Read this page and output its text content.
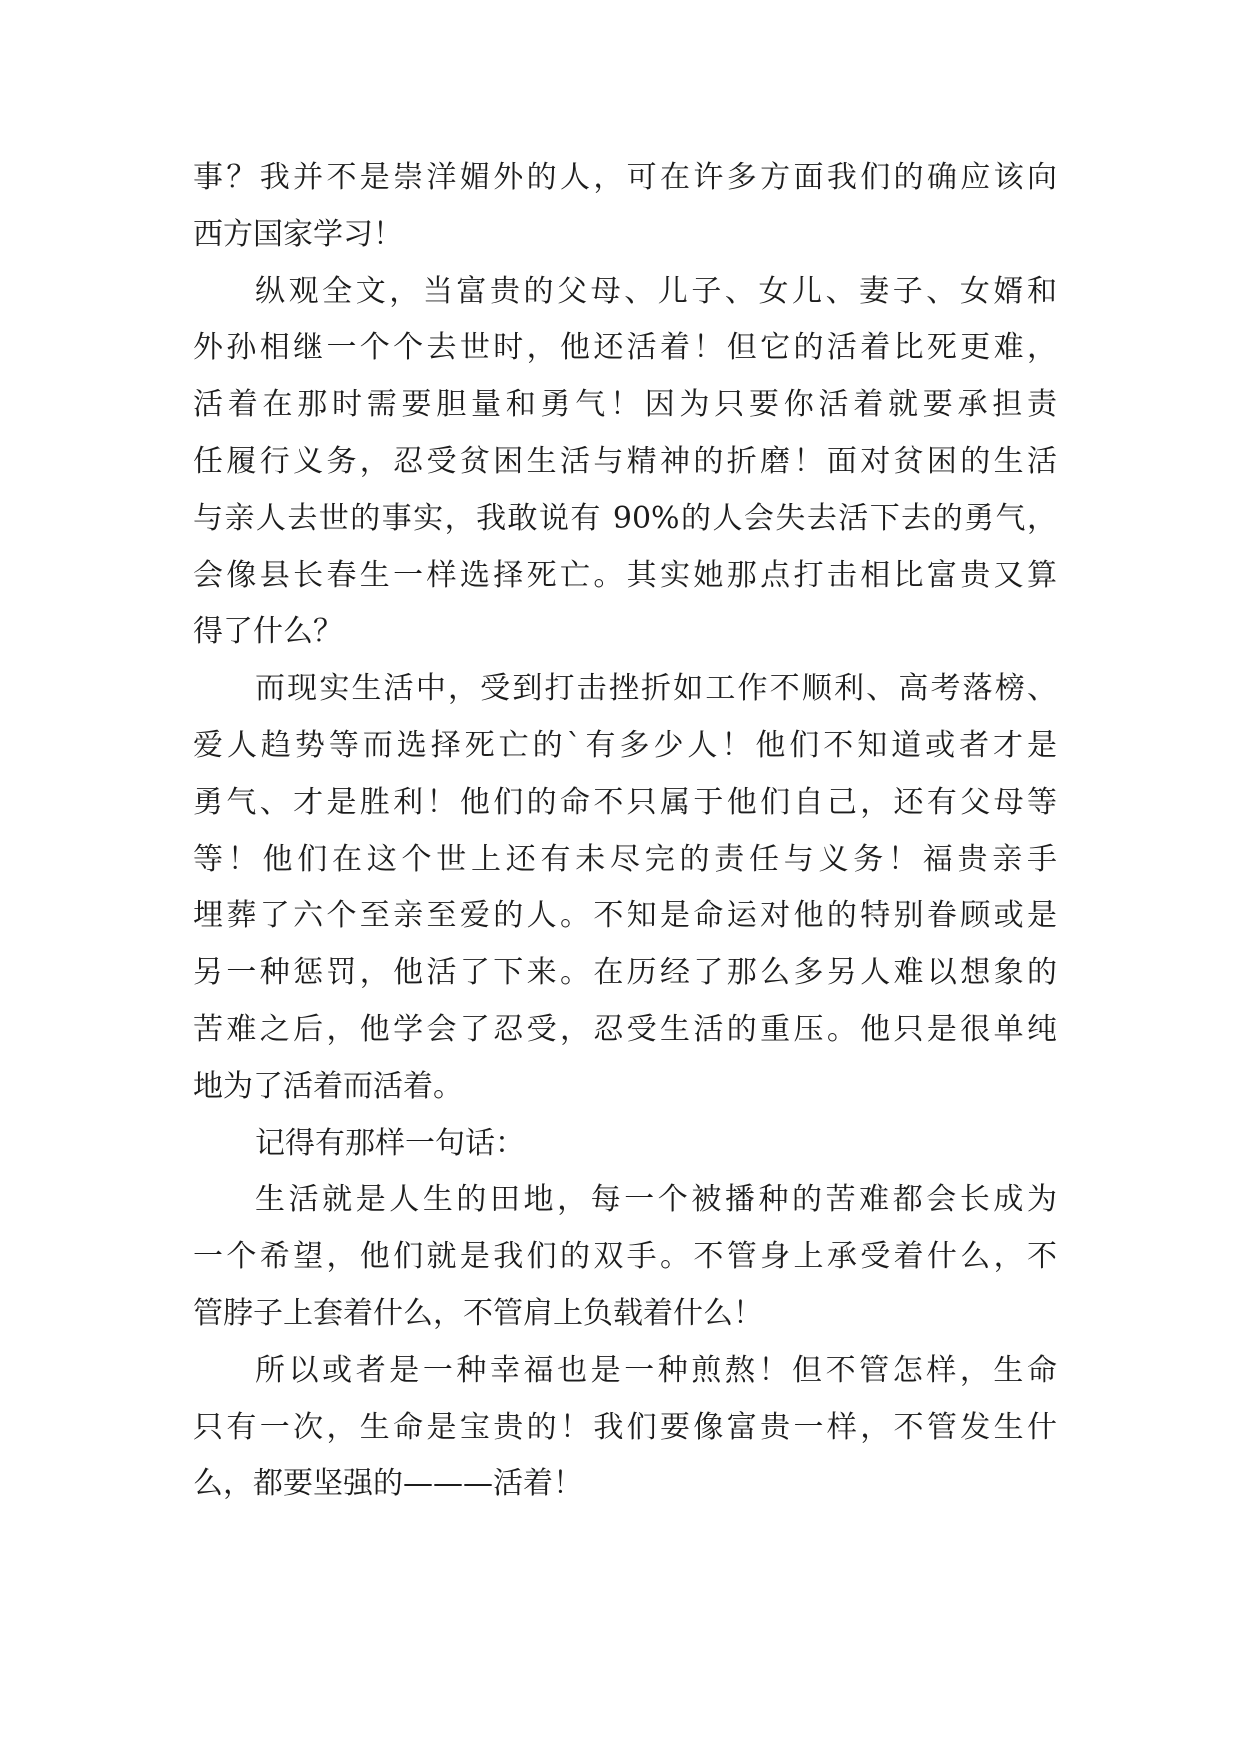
事？我并不是崇洋媚外的人，可在许多方面我们的确应该向
西方国家学习！

纵观全文，当富贵的父母、儿子、女儿、妻子、女婿和
外孙相继一个个去世时，他还活着！但它的活着比死更难，
活着在那时需要胆量和勇气！因为只要你活着就要承担责
任履行义务，忍受贫困生活与精神的折磨！面对贫困的生活
与亲人去世的事实，我敢说有 90%的人会失去活下去的勇气，
会像县长春生一样选择死亡。其实她那点打击相比富贵又算
得了什么？

而现实生活中，受到打击挫折如工作不顺利、高考落榜、
爱人趋势等而选择死亡的`有多少人！他们不知道或者才是
勇气、才是胜利！他们的命不只属于他们自己，还有父母等
等！他们在这个世上还有未尽完的责任与义务！福贵亲手
埋葬了六个至亲至爱的人。不知是命运对他的特别眷顾或是
另一种惩罚，他活了下来。在历经了那么多另人难以想象的
苦难之后，他学会了忍受，忍受生活的重压。他只是很单纯
地为了活着而活着。

记得有那样一句话：

生活就是人生的田地，每一个被播种的苦难都会长成为
一个希望，他们就是我们的双手。不管身上承受着什么，不
管脖子上套着什么，不管肩上负载着什么！

所以或者是一种幸福也是一种煎熬！但不管怎样，生命
只有一次，生命是宝贵的！我们要像富贵一样，不管发生什
么，都要坚强的———活着！
